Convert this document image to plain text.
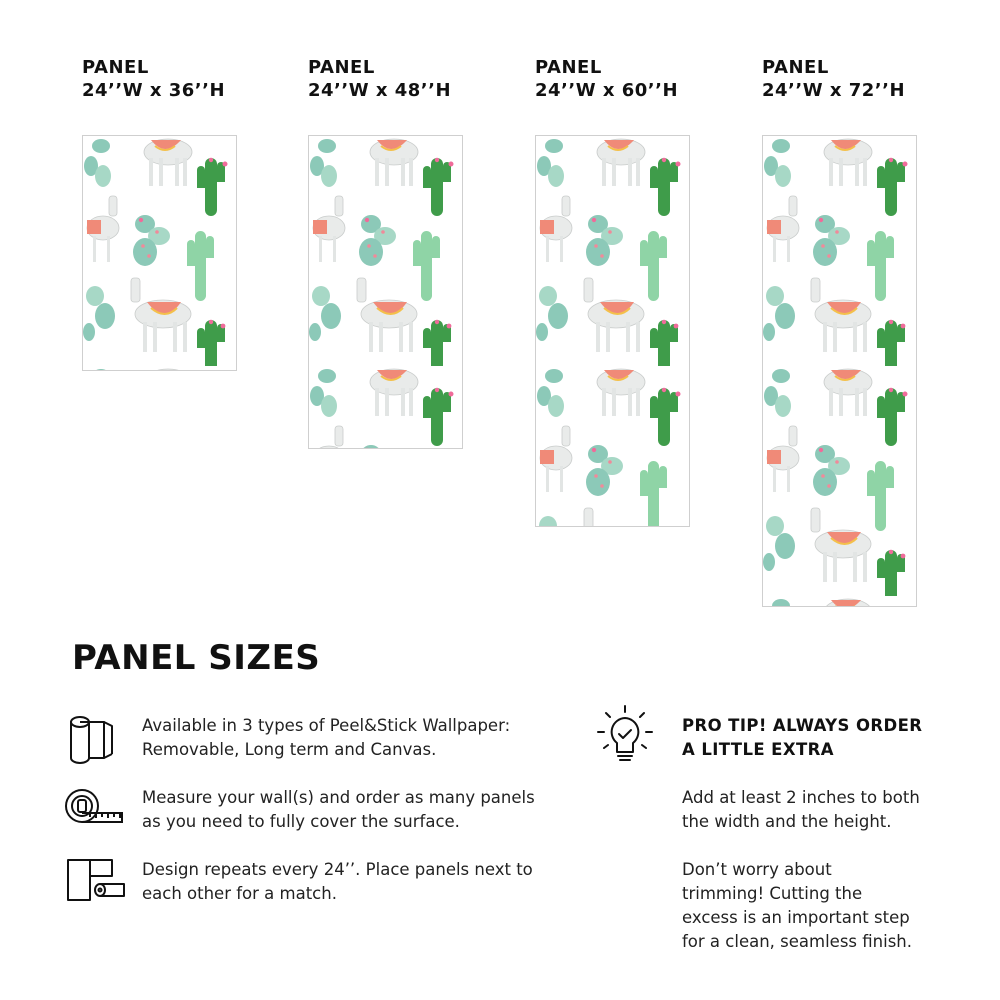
PANEL
24’’W x 36’’H
PANEL
24’’W x 48’’H
PANEL
24’’W x 60’’H
PANEL
24’’W x 72’’H
PANEL SIZES
Available in 3 types of Peel&Stick Wallpaper:
Removable, Long term and Canvas.
Measure your wall(s) and order as many panels
as you need to fully cover the surface.
Design repeats every 24’’. Place panels next to
each other for a match.
PRO TIP! ALWAYS ORDER
A LITTLE EXTRA
Add at least 2 inches to both
the width and the height.
Don’t worry about
trimming! Cutting the
excess is an important step
for a clean, seamless finish.
